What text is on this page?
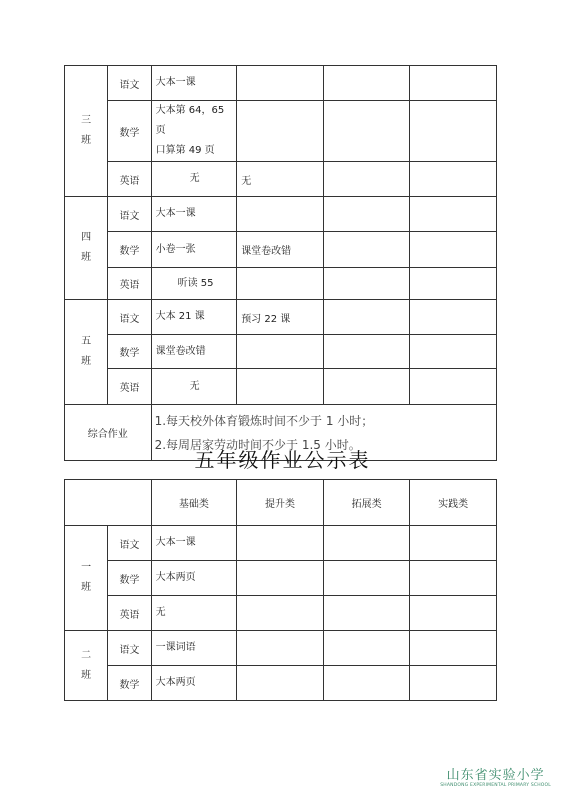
三
班	语文	大本一课			
	数学	大本第 64，65 页
口算第 49 页			
	英语	无	无		
四
班	语文	大本一课			
	数学	小卷一张	课堂卷改错		
	英语	听读 55			
五
班	语文	大本 21 课	预习 22 课		
	数学	课堂卷改错			
	英语	无			
综合作业		1.每天校外体育锻炼时间不少于 1 小时；
2.每周居家劳动时间不少于 1.5 小时。			
五年级作业公示表
		基础类	提升类	拓展类	实践类
一
班	语文	大本一课			
	数学	大本两页			
	英语	无			
二
班	语文	一课词语			
	数学	大本两页			
山东省实验小学
SHANDONG EXPERIMENTAL PRIMARY SCHOOL
